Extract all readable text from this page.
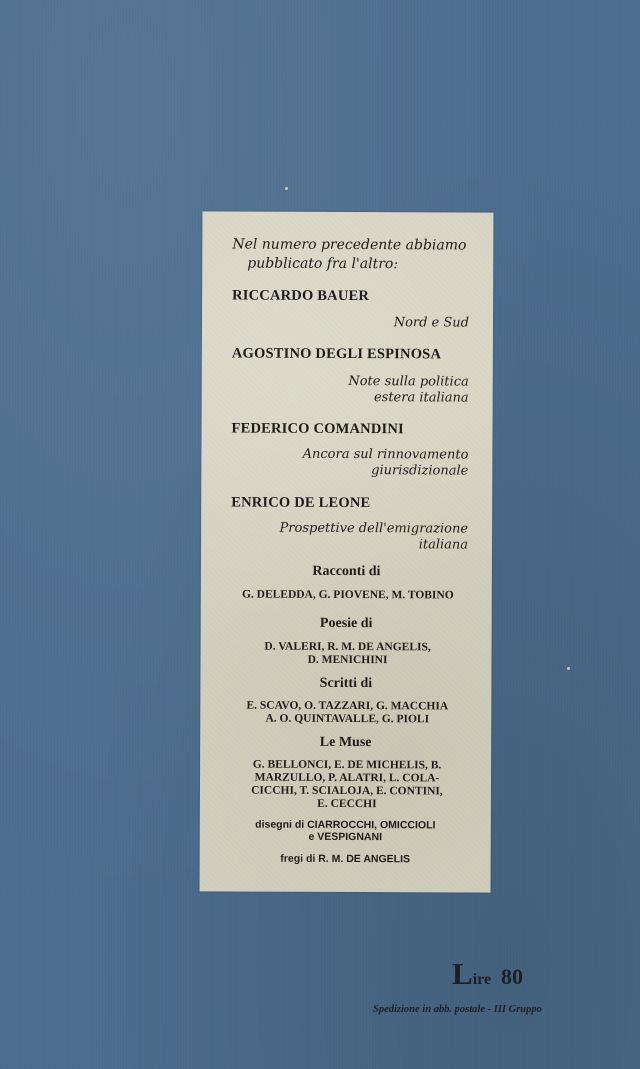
Nel numero precedente abbiamo
pubblicato fra l'altro:
RICCARDO BAUER
Nord e Sud
AGOSTINO DEGLI ESPINOSA
Note sulla politica
estera italiana
FEDERICO COMANDINI
Ancora sul rinnovamento
giurisdizionale
ENRICO DE LEONE
Prospettive dell'emigrazione
italiana
Racconti di
G. DELEDDA, G. PIOVENE, M. TOBINO
Poesie di
D. VALERI, R. M. DE ANGELIS,
D. MENICHINI
Scritti di
E. SCAVO, O. TAZZARI, G. MACCHIA
A. O. QUINTAVALLE, G. PIOLI
Le Muse
G. BELLONCI, E. DE MICHELIS, B.
MARZULLO, P. ALATRI, L. COLA-
CICCHI, T. SCIALOJA, E. CONTINI,
E. CECCHI
disegni di CIARROCCHI, OMICCIOLI
e VESPIGNANI
fregi di R. M. DE ANGELIS
Lire 80
Spedizione in abb. postale - III Gruppo
